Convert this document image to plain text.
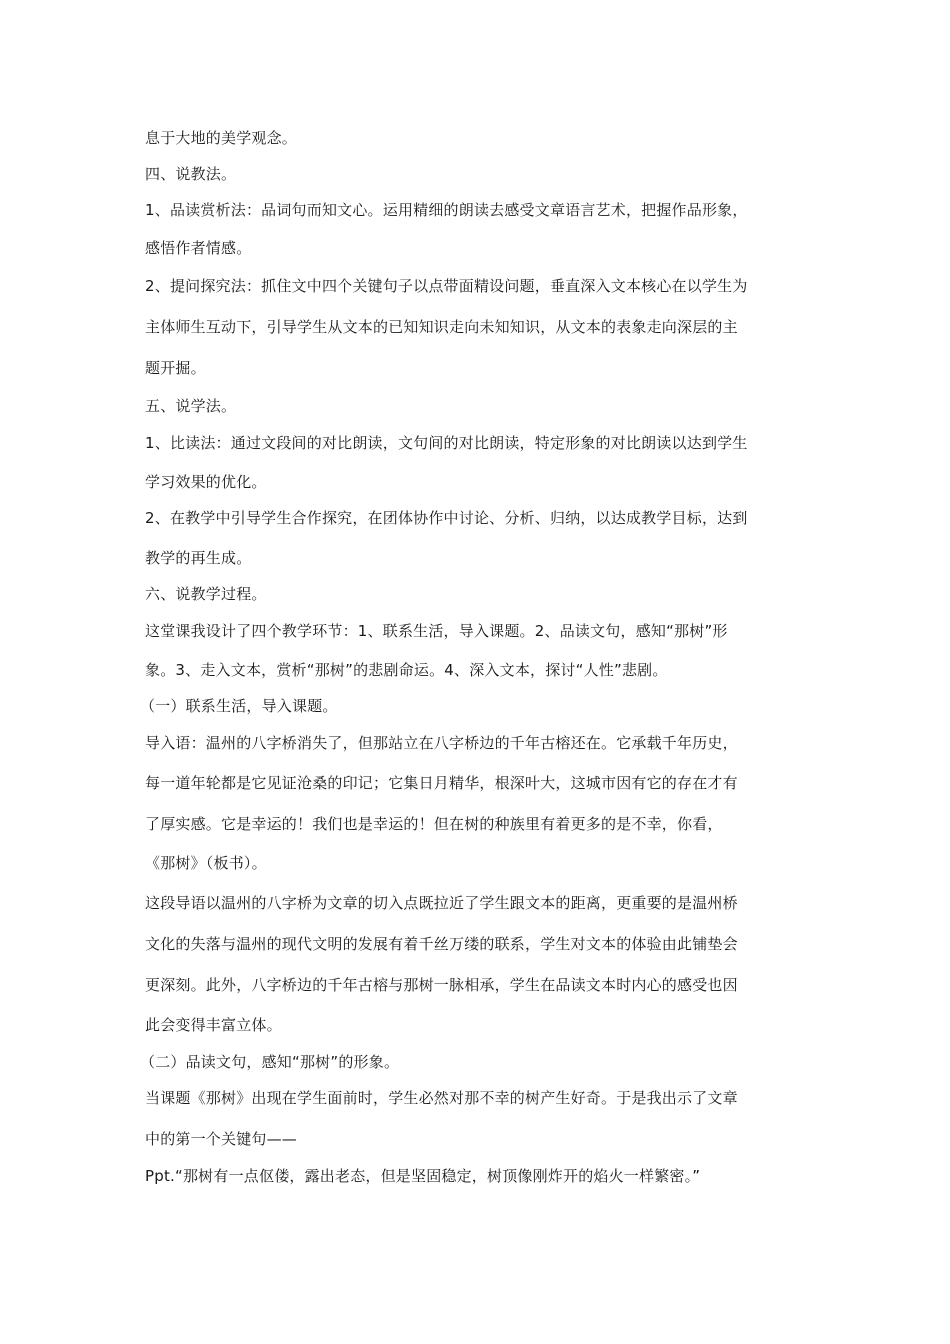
息于大地的美学观念。
四、说教法。
1、品读赏析法：品词句而知文心。运用精细的朗读去感受文章语言艺术，把握作品形象，
感悟作者情感。
2、提问探究法：抓住文中四个关键句子以点带面精设问题，垂直深入文本核心在以学生为
主体师生互动下，引导学生从文本的已知知识走向未知知识，从文本的表象走向深层的主
题开掘。
五、说学法。
1、比读法：通过文段间的对比朗读，文句间的对比朗读，特定形象的对比朗读以达到学生
学习效果的优化。
2、在教学中引导学生合作探究，在团体协作中讨论、分析、归纳，以达成教学目标，达到
教学的再生成。
六、说教学过程。
这堂课我设计了四个教学环节：1、联系生活，导入课题。2、品读文句，感知“那树”形
象。3、走入文本，赏析“那树”的悲剧命运。4、深入文本，探讨“人性”悲剧。
（一）联系生活，导入课题。
导入语：温州的八字桥消失了，但那站立在八字桥边的千年古榕还在。它承载千年历史，
每一道年轮都是它见证沧桑的印记；它集日月精华，根深叶大，这城市因有它的存在才有
了厚实感。它是幸运的！我们也是幸运的！但在树的种族里有着更多的是不幸，你看，
《那树》（板书）。
这段导语以温州的八字桥为文章的切入点既拉近了学生跟文本的距离，更重要的是温州桥
文化的失落与温州的现代文明的发展有着千丝万缕的联系，学生对文本的体验由此铺垫会
更深刻。此外，八字桥边的千年古榕与那树一脉相承，学生在品读文本时内心的感受也因
此会变得丰富立体。
（二）品读文句，感知“那树”的形象。
当课题《那树》出现在学生面前时，学生必然对那不幸的树产生好奇。于是我出示了文章
中的第一个关键句——
Ppt.“那树有一点伛偻，露出老态，但是坚固稳定，树顶像刚炸开的焰火一样繁密。”
